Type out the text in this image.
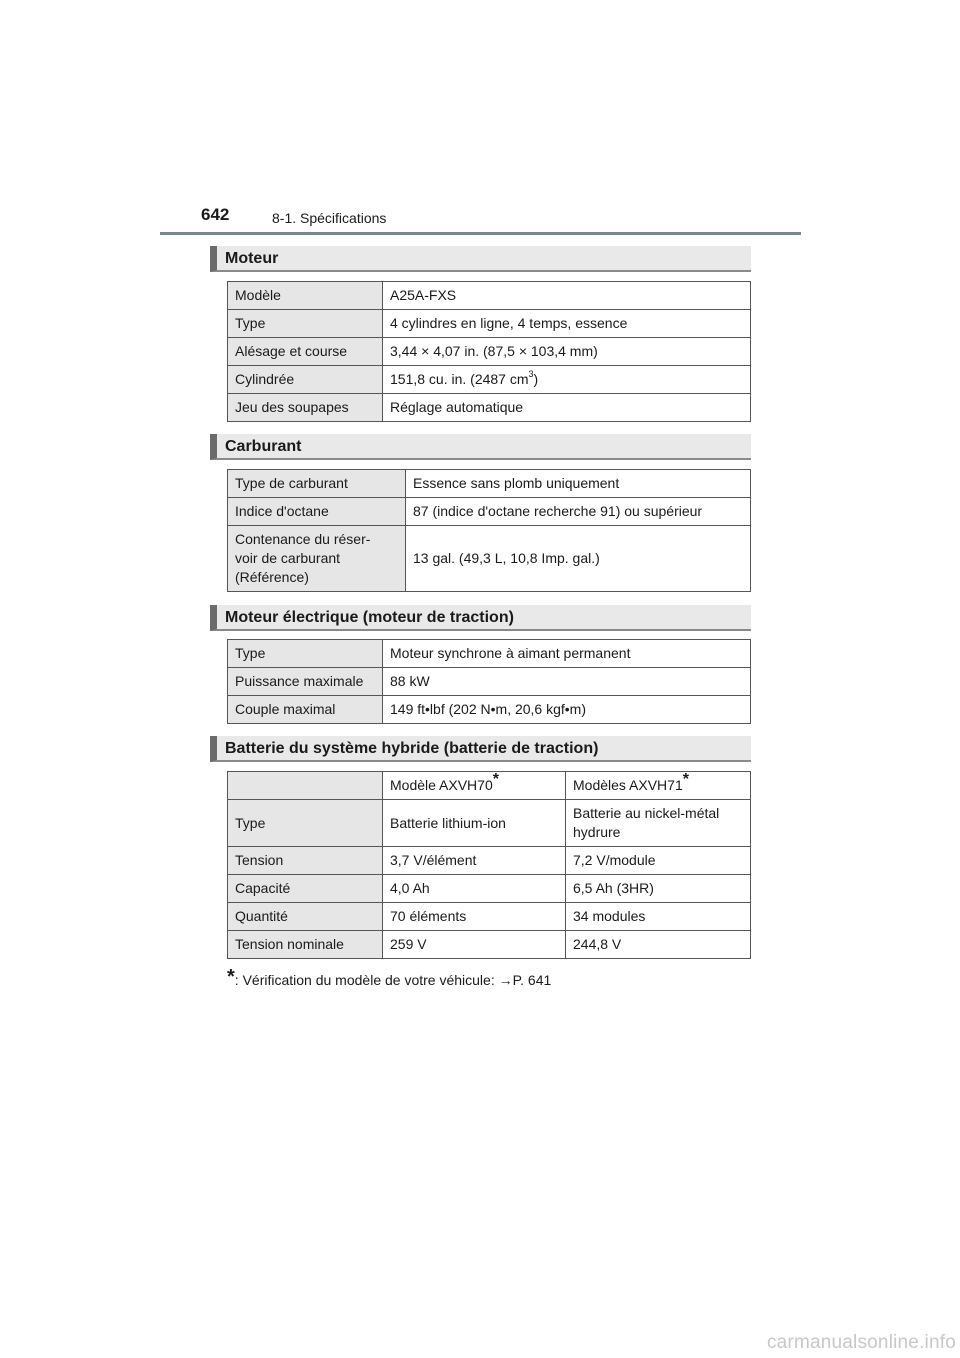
642	8-1. Spécifications
Moteur
Modèle	A25A-FXS
Type	4 cylindres en ligne, 4 temps, essence
Alésage et course	3,44 × 4,07 in. (87,5 × 103,4 mm)
Cylindrée	151,8 cu. in. (2487 $cm^3$)
Jeu des soupapes	Réglage automatique
Carburant
Type de carburant	Essence sans plomb uniquement
Indice d'octane	87 (indice d'octane recherche 91) ou supérieur

Contenance du réser-
voir de carburant
(Référence)	13 gal. (49,3 L, 10,8 Imp. gal.)
Moteur électrique (moteur de traction)
Type	Moteur synchrone à aimant permanent
Puissance maximale	88 kW
Couple maximal	149 ft•lbf (202 N•m, 20,6 kgf•m)
Batterie du système hybride (batterie de traction)
	Modèle AXVH70*	Modèles AXVH71*
Type	Batterie lithium-ion	Batterie au nickel-métal
hydrure

Tension	3,7 V/élément	7,2 V/module
Capacité	4,0 Ah	6,5 Ah (3HR)
Quantité	70 éléments	34 modules
Tension nominale	259 V	244,8 V
*: Vérification du modèle de votre véhicule: →P. 641
carmanualsonline.info
